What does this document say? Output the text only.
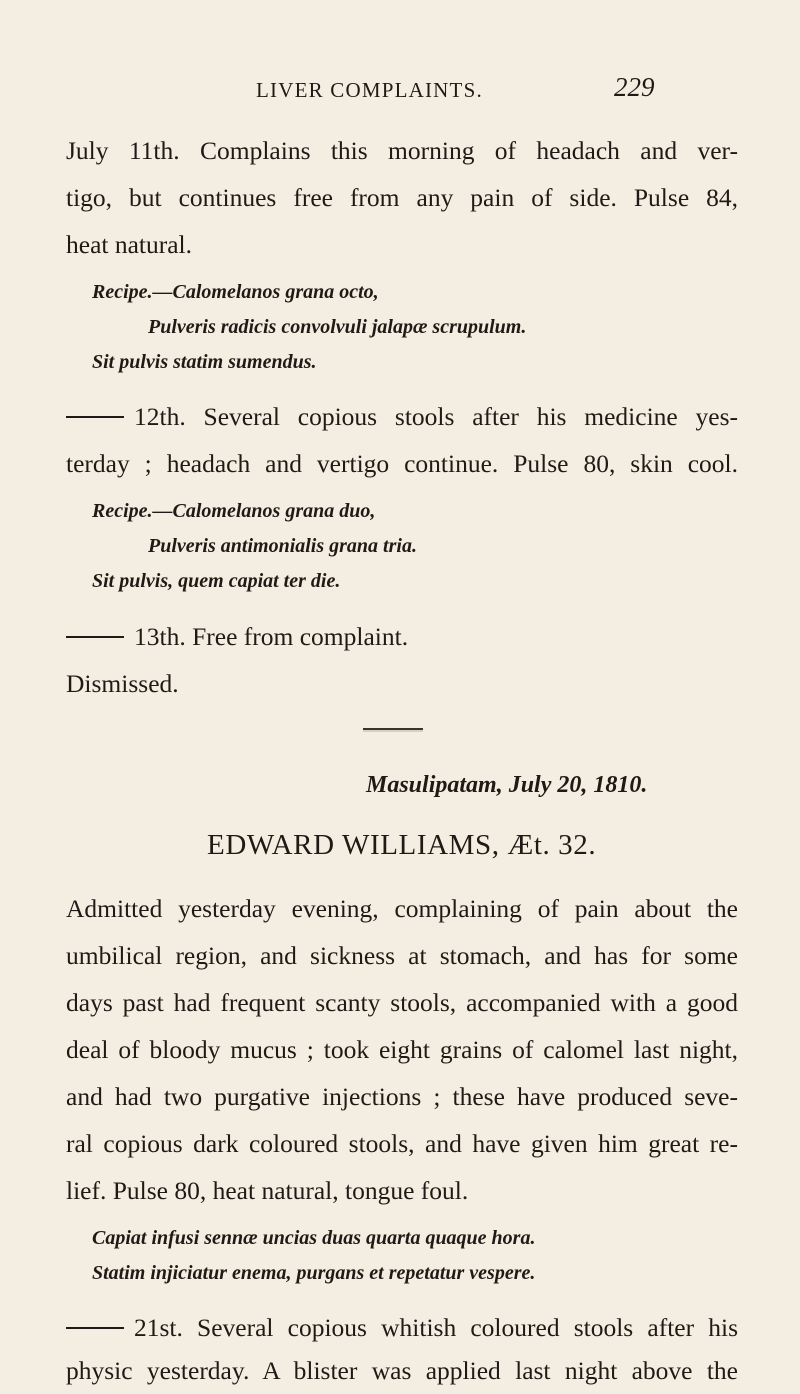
LIVER COMPLAINTS.	229
July 11th. Complains this morning of headach and ver-
tigo, but continues free from any pain of side. Pulse 84,
heat natural.
Recipe.—Calomelanos grana octo,
Pulveris radicis convolvuli jalapæ scrupulum.
Sit pulvis statim sumendus.
12th. Several copious stools after his medicine yes-
terday ; headach and vertigo continue. Pulse 80, skin cool.
Recipe.—Calomelanos grana duo,
Pulveris antimonialis grana tria.
Sit pulvis, quem capiat ter die.
13th. Free from complaint.
Dismissed.
Masulipatam, July 20, 1810.
EDWARD WILLIAMS, Æt. 32.
Admitted yesterday evening, complaining of pain about the
umbilical region, and sickness at stomach, and has for some
days past had frequent scanty stools, accompanied with a good
deal of bloody mucus ; took eight grains of calomel last night,
and had two purgative injections ; these have produced seve-
ral copious dark coloured stools, and have given him great re-
lief. Pulse 80, heat natural, tongue foul.
Capiat infusi sennæ uncias duas quarta quaque hora.
Statim injiciatur enema, purgans et repetatur vespere.
21st. Several copious whitish coloured stools after his
physic yesterday. A blister was applied last night above the
